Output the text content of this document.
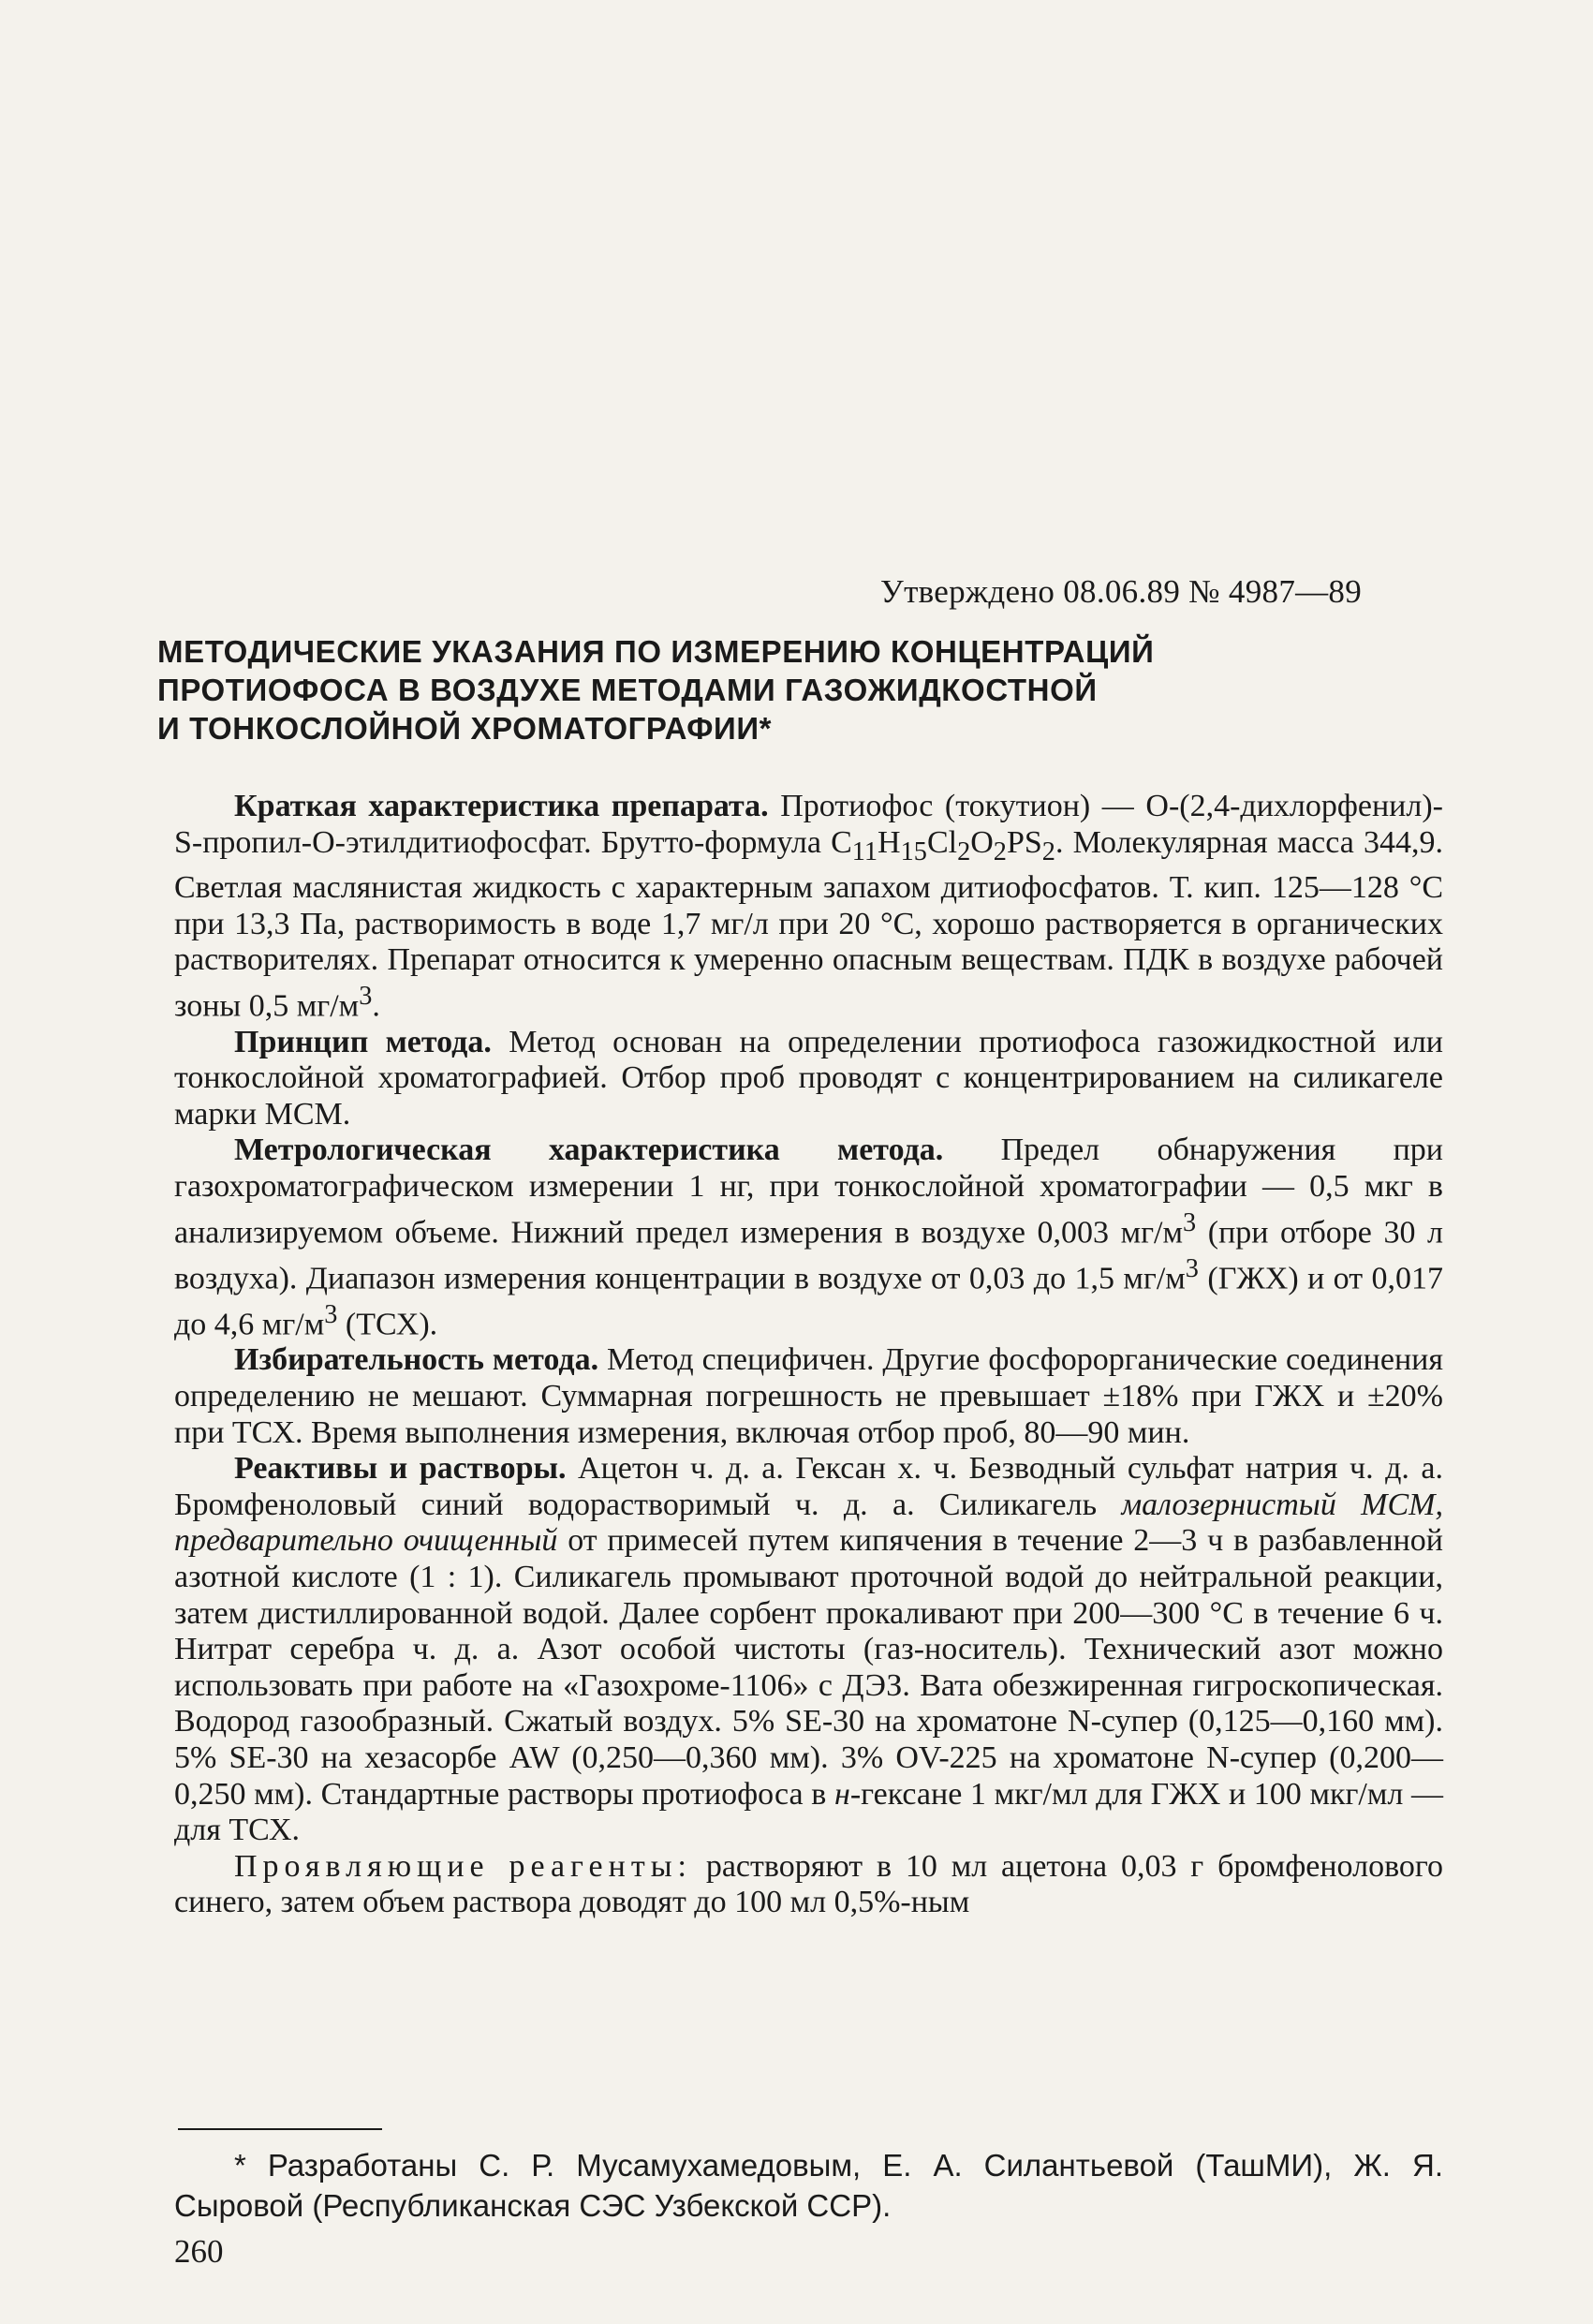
Утверждено 08.06.89 № 4987—89
МЕТОДИЧЕСКИЕ УКАЗАНИЯ ПО ИЗМЕРЕНИЮ КОНЦЕНТРАЦИЙ
ПРОТИОФОСА В ВОЗДУХЕ МЕТОДАМИ ГАЗОЖИДКОСТНОЙ
И ТОНКОСЛОЙНОЙ ХРОМАТОГРАФИИ*

Краткая характеристика препарата. Протиофос (токутион) — О-(2,4-дихлорфенил)-S-пропил-О-этилдитиофосфат. Брутто-формула $C_{11}H_{15}Cl_2O_2PS_2$. Молекулярная масса 344,9. Светлая маслянистая жидкость с характерным запахом дитиофосфатов. Т. кип. 125—128 °С при 13,3 Па, растворимость в воде 1,7 мг/л при 20 °С, хорошо растворяется в органических растворителях. Препарат относится к умеренно опасным веществам. ПДК в воздухе рабочей зоны 0,5 $мг/м^3$.

Принцип метода. Метод основан на определении протиофоса газожидкостной или тонкослойной хроматографией. Отбор проб проводят с концентрированием на силикагеле марки МСМ.

Метрологическая характеристика метода. Предел обнаружения при газохроматографическом измерении 1 нг, при тонкослойной хроматографии — 0,5 мкг в анализируемом объеме. Нижний предел измерения в воздухе 0,003 $мг/м^3$ (при отборе 30 л воздуха). Диапазон измерения концентрации в воздухе от 0,03 до 1,5 $мг/м^3$ (ГЖХ) и от 0,017 до 4,6 $мг/м^3$ (ТСХ).

Избирательность метода. Метод специфичен. Другие фосфорорганические соединения определению не мешают. Суммарная погрешность не превышает ±18% при ГЖХ и ±20% при ТСХ. Время выполнения измерения, включая отбор проб, 80—90 мин.

Реактивы и растворы. Ацетон ч. д. а. Гексан х. ч. Безводный сульфат натрия ч. д. а. Бромфеноловый синий водорастворимый ч. д. а. Силикагель малозернистый МСМ, предварительно очищенный от примесей путем кипячения в течение 2—3 ч в разбавленной азотной кислоте (1 : 1). Силикагель промывают проточной водой до нейтральной реакции, затем дистиллированной водой. Далее сорбент прокаливают при 200—300 °С в течение 6 ч. Нитрат серебра ч. д. а. Азот особой чистоты (газ-носитель). Технический азот можно использовать при работе на «Газохроме-1106» с ДЭЗ. Вата обезжиренная гигроскопическая. Водород газообразный. Сжатый воздух. 5% SE-30 на хроматоне N-супер (0,125—0,160 мм). 5% SE-30 на хезасорбе AW (0,250—0,360 мм). 3% OV-225 на хроматоне N-супер (0,200—0,250 мм). Стандартные растворы протиофоса в н-гексане 1 мкг/мл для ГЖХ и 100 мкг/мл — для ТСХ.

Проявляющие реагенты: растворяют в 10 мл ацетона 0,03 г бромфенолового синего, затем объем раствора доводят до 100 мл 0,5%-ным

* Разработаны С. Р. Мусамухамедовым, Е. А. Силантьевой (ТашМИ), Ж. Я. Сыровой (Республиканская СЭС Узбекской ССР).

260
